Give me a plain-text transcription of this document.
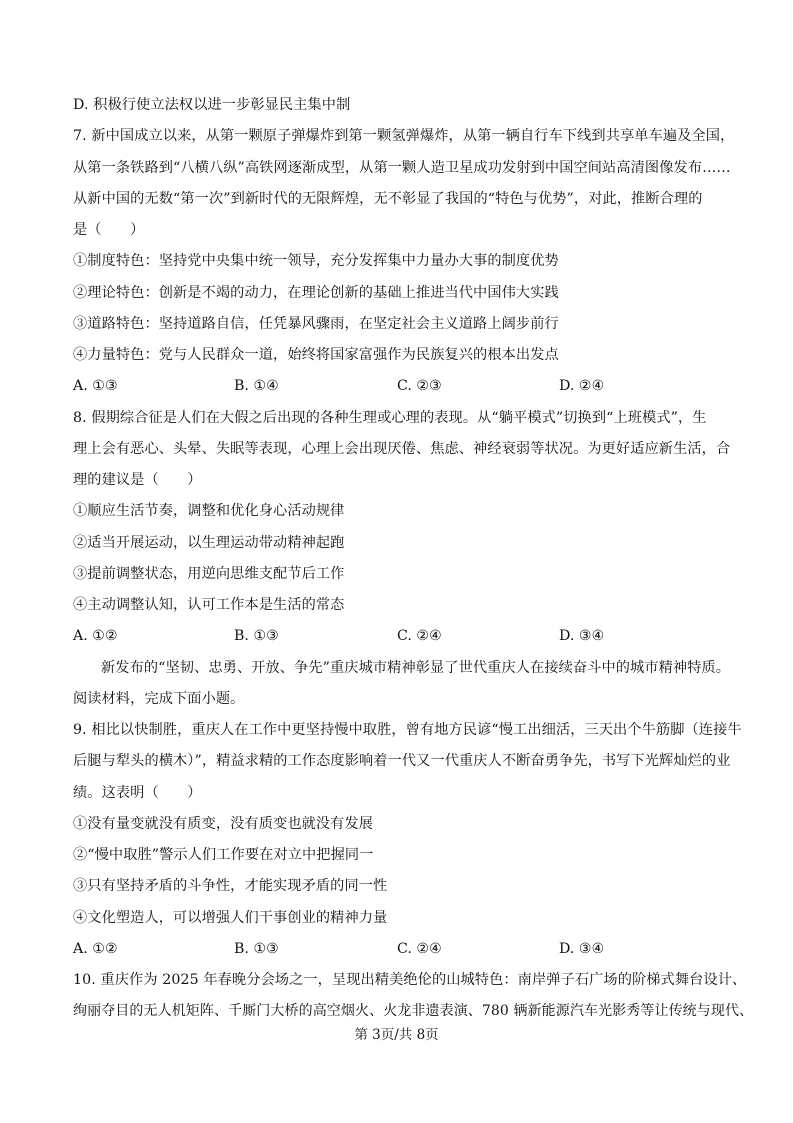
D. 积极行使立法权以进一步彰显民主集中制
7. 新中国成立以来，从第一颗原子弹爆炸到第一颗氢弹爆炸，从第一辆自行车下线到共享单车遍及全国，
从第一条铁路到“八横八纵”高铁网逐渐成型，从第一颗人造卫星成功发射到中国空间站高清图像发布……
从新中国的无数“第一次”到新时代的无限辉煌，无不彰显了我国的“特色与优势”，对此，推断合理的
是（　　）
①制度特色：坚持党中央集中统一领导，充分发挥集中力量办大事的制度优势
②理论特色：创新是不竭的动力，在理论创新的基础上推进当代中国伟大实践
③道路特色：坚持道路自信，任凭暴风骤雨，在坚定社会主义道路上阔步前行
④力量特色：党与人民群众一道，始终将国家富强作为民族复兴的根本出发点
A. ①③	B. ①④	C. ②③	D. ②④
8. 假期综合征是人们在大假之后出现的各种生理或心理的表现。从“躺平模式”切换到“上班模式”，生
理上会有恶心、头晕、失眠等表现，心理上会出现厌倦、焦虑、神经衰弱等状况。为更好适应新生活，合
理的建议是（　　）
①顺应生活节奏，调整和优化身心活动规律
②适当开展运动，以生理运动带动精神起跑
③提前调整状态，用逆向思维支配节后工作
④主动调整认知，认可工作本是生活的常态
A. ①②	B. ①③	C. ②④	D. ③④
新发布的“坚韧、忠勇、开放、争先”重庆城市精神彰显了世代重庆人在接续奋斗中的城市精神特质。
阅读材料，完成下面小题。
9. 相比以快制胜，重庆人在工作中更坚持慢中取胜，曾有地方民谚“慢工出细活，三天出个牛筋脚（连接牛
后腿与犁头的横木）”，精益求精的工作态度影响着一代又一代重庆人不断奋勇争先，书写下光辉灿烂的业
绩。这表明（　　）
①没有量变就没有质变，没有质变也就没有发展
②“慢中取胜”警示人们工作要在对立中把握同一
③只有坚持矛盾的斗争性，才能实现矛盾的同一性
④文化塑造人，可以增强人们干事创业的精神力量
A. ①②	B. ①③	C. ②④	D. ③④
10. 重庆作为 2025 年春晚分会场之一，呈现出精美绝伦的山城特色：南岸弹子石广场的阶梯式舞台设计、
绚丽夺目的无人机矩阵、千厮门大桥的高空烟火、火龙非遗表演、780 辆新能源汽车光影秀等让传统与现代、
第 3页/共 8页
